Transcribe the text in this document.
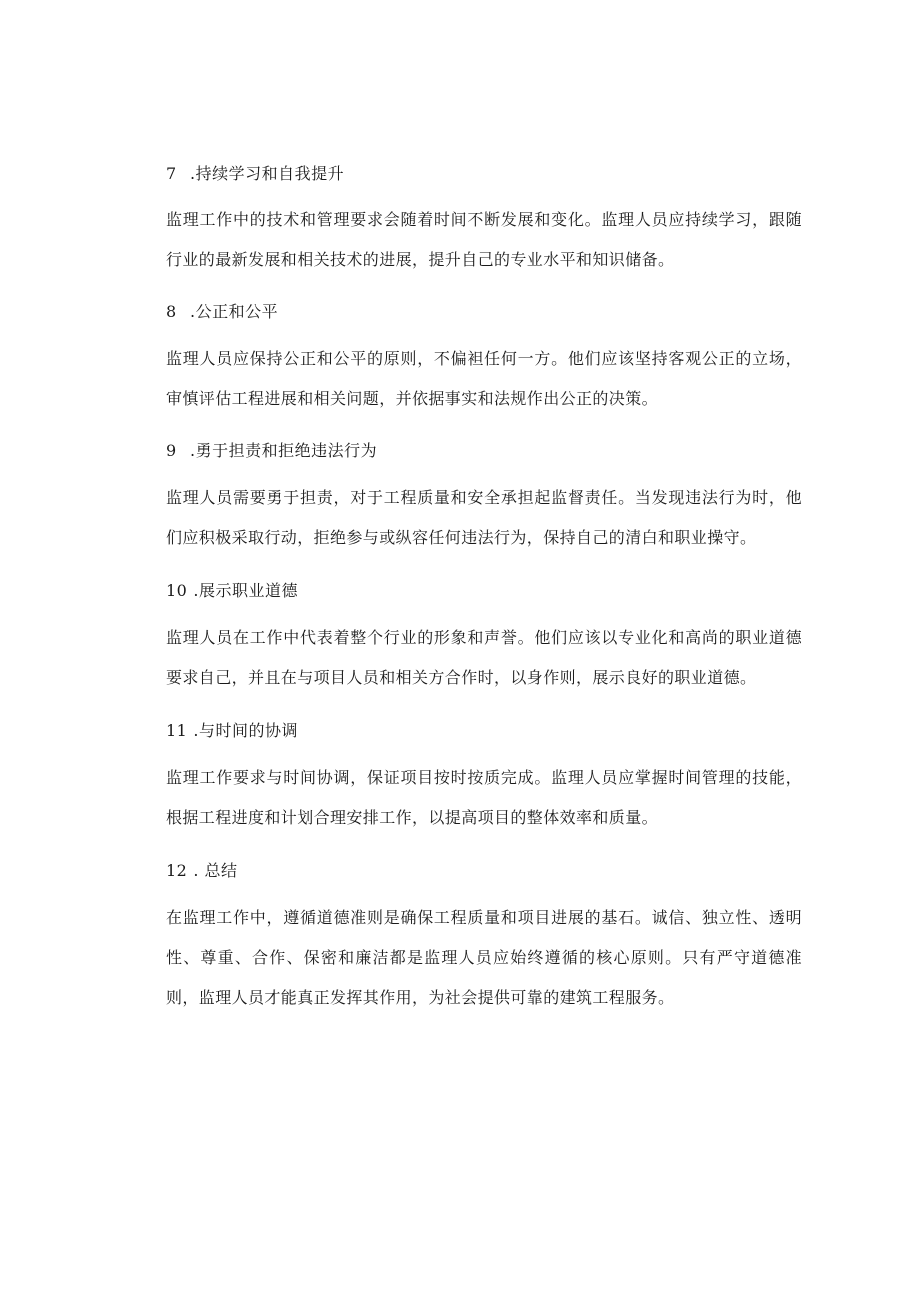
7 .持续学习和自我提升
监理工作中的技术和管理要求会随着时间不断发展和变化。监理人员应持续学习，跟随行业的最新发展和相关技术的进展，提升自己的专业水平和知识储备。
8 .公正和公平
监理人员应保持公正和公平的原则，不偏袒任何一方。他们应该坚持客观公正的立场，审慎评估工程进展和相关问题，并依据事实和法规作出公正的决策。
9 .勇于担责和拒绝违法行为
监理人员需要勇于担责，对于工程质量和安全承担起监督责任。当发现违法行为时，他们应积极采取行动，拒绝参与或纵容任何违法行为，保持自己的清白和职业操守。
10 .展示职业道德
监理人员在工作中代表着整个行业的形象和声誉。他们应该以专业化和高尚的职业道德要求自己，并且在与项目人员和相关方合作时，以身作则，展示良好的职业道德。
11 .与时间的协调
监理工作要求与时间协调，保证项目按时按质完成。监理人员应掌握时间管理的技能，根据工程进度和计划合理安排工作，以提高项目的整体效率和质量。
12 . 总结
在监理工作中，遵循道德准则是确保工程质量和项目进展的基石。诚信、独立性、透明性、尊重、合作、保密和廉洁都是监理人员应始终遵循的核心原则。只有严守道德准则，监理人员才能真正发挥其作用，为社会提供可靠的建筑工程服务。
